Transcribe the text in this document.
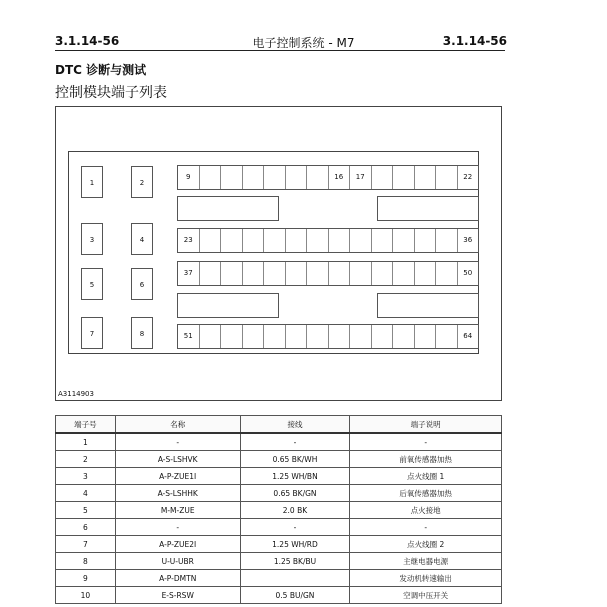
3.1.14-56	电子控制系统 - M7	3.1.14-56
DTC 诊断与测试
控制模块端子列表
1	2
3	4
5	6
7	8
9	16	17	22
23	36
37	50
51	64
A3114903
端子号	名称	接线	端子说明
1	-	-	-
2	A-S-LSHVK	0.65 BK/WH	前氧传感器加热
3	A-P-ZUE1I	1.25 WH/BN	点火线圈 1
4	A-S-LSHHK	0.65 BK/GN	后氧传感器加热
5	M-M-ZUE	2.0 BK	点火接地
6	-	-	-
7	A-P-ZUE2I	1.25 WH/RD	点火线圈 2
8	U-U-UBR	1.25 BK/BU	主继电器电源
9	A-P-DMTN		发动机转速输出
10	E-S-RSW	0.5 BU/GN	空调中压开关
